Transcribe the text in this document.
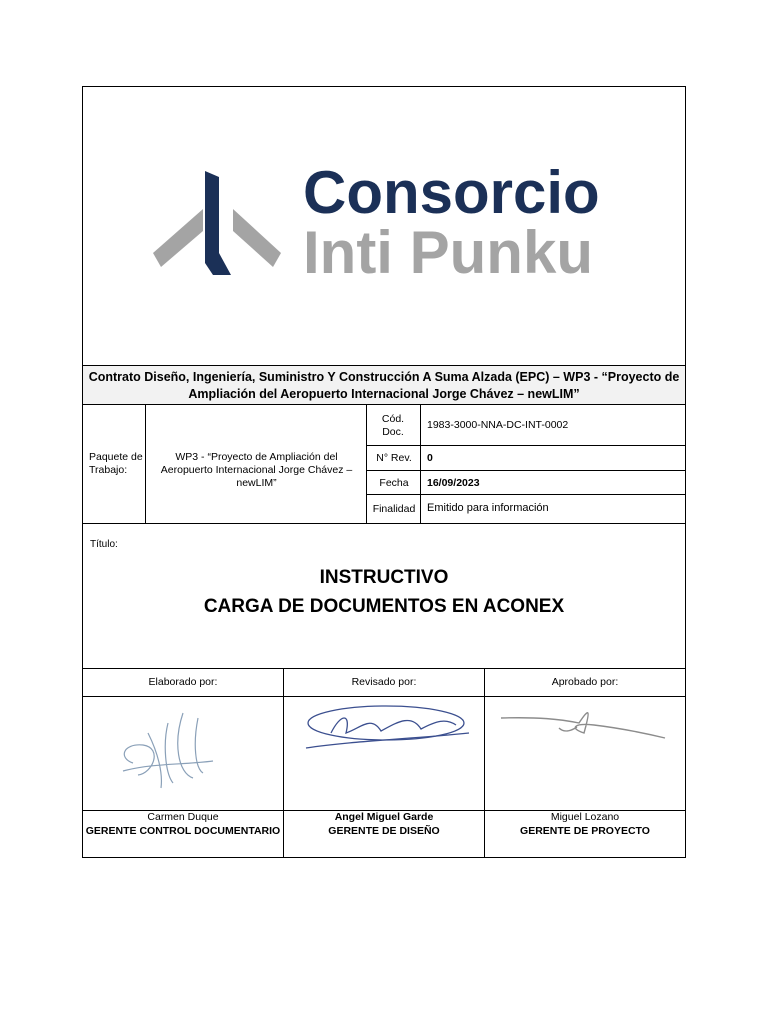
Consorcio
Inti Punku
Contrato Diseño, Ingeniería, Suministro Y Construcción A Suma Alzada (EPC) – WP3 - “Proyecto de Ampliación del Aeropuerto Internacional Jorge Chávez – newLIM”
Paquete de Trabajo:
WP3 - “Proyecto de Ampliación del Aeropuerto Internacional Jorge Chávez – newLIM”
Cód. Doc.
1983-3000-NNA-DC-INT-0002
N° Rev.	0
Fecha	16/09/2023
Finalidad	Emitido para información
Título:
INSTRUCTIVO
CARGA DE DOCUMENTOS EN ACONEX
Elaborado por:
Carmen Duque
GERENTE CONTROL DOCUMENTARIO
Revisado por:
Angel Miguel Garde
GERENTE DE DISEÑO
Aprobado por:
Miguel Lozano
GERENTE DE PROYECTO
